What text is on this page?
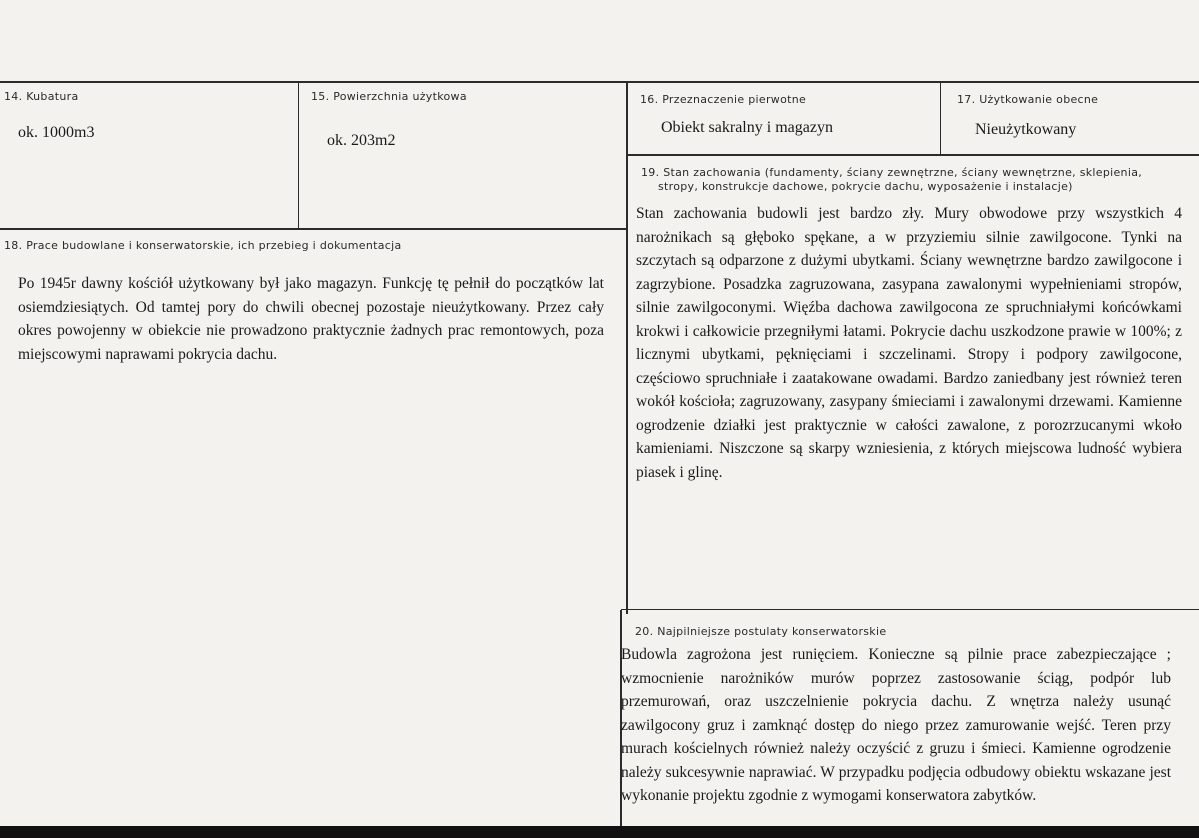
14. Kubatura
ok. 1000m3
15. Powierzchnia użytkowa
ok. 203m2
16. Przeznaczenie pierwotne
Obiekt sakralny i magazyn
17. Użytkowanie obecne
Nieużytkowany
19. Stan zachowania (fundamenty, ściany zewnętrzne, ściany wewnętrzne, sklepienia,
stropy, konstrukcje dachowe, pokrycie dachu, wyposażenie i instalacje)
Stan zachowania budowli jest bardzo zły. Mury obwodowe przy wszystkich 4 narożnikach są głęboko spękane, a w przyziemiu silnie zawilgocone. Tynki na szczytach są odparzone z dużymi ubytkami. Ściany wewnętrzne bardzo zawilgocone i zagrzybione. Posadzka zagruzowana, zasypana zawalonymi wypełnieniami stropów, silnie zawilgoconymi. Więźba dachowa zawilgocona ze spruchniałymi końcówkami krokwi i całkowicie przegniłymi łatami. Pokrycie dachu uszkodzone prawie w 100%; z licznymi ubytkami, pęknięciami i szczelinami. Stropy i podpory zawilgocone, częściowo spruchniałe i zaatakowane owadami. Bardzo zaniedbany jest również teren wokół kościoła; zagruzowany, zasypany śmieciami i zawalonymi drzewami. Kamienne ogrodzenie działki jest praktycznie w całości zawalone, z porozrzucanymi wkoło kamieniami. Niszczone są skarpy wzniesienia, z których miejscowa ludność wybiera piasek i glinę.
18. Prace budowlane i konserwatorskie, ich przebieg i dokumentacja
Po 1945r dawny kościół użytkowany był jako magazyn. Funkcję tę pełnił do początków lat osiemdziesiątych. Od tamtej pory do chwili obecnej pozostaje nieużytkowany. Przez cały okres powojenny w obiekcie nie prowadzono praktycznie żadnych prac remontowych, poza miejscowymi naprawami pokrycia dachu.
20. Najpilniejsze postulaty konserwatorskie
Budowla zagrożona jest runięciem. Konieczne są pilnie prace zabezpieczające ; wzmocnienie narożników murów poprzez zastosowanie ściąg, podpór lub przemurowań, oraz uszczelnienie pokrycia dachu. Z wnętrza należy usunąć zawilgocony gruz i zamknąć dostęp do niego przez zamurowanie wejść. Teren przy murach kościelnych również należy oczyścić z gruzu i śmieci. Kamienne ogrodzenie należy sukcesywnie naprawiać. W przypadku podjęcia odbudowy obiektu wskazane jest wykonanie projektu zgodnie z wymogami konserwatora zabytków.
